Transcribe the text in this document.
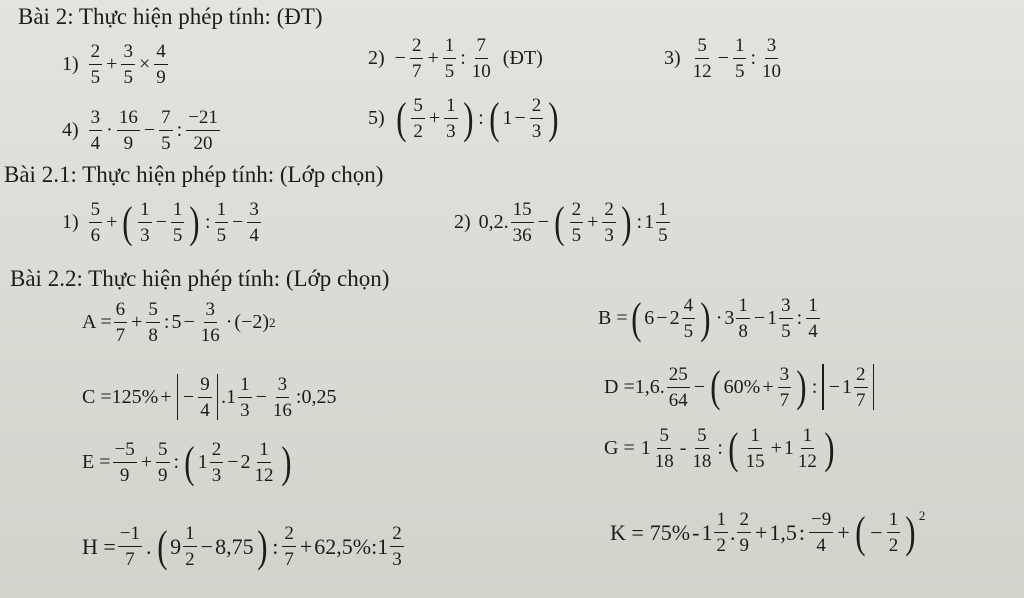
Bài 2: Thực hiện phép tính: (ĐT)
$1) \frac{2}{5} + \frac{3}{5} \times \frac{4}{9}$	$2) - \frac{2}{7} + \frac{1}{5}$ : $\frac{7}{10}$ (ĐT)	$3) \frac{5}{12} - \frac{1}{5}$ : $\frac{3}{10}$
$4) \frac{3}{4} \cdot \frac{16}{9} - \frac{7}{5}$ : $\frac{-21}{20}$	5) ( $\frac{5}{2} + \frac{1}{3}$ ) : ( $1 - \frac{2}{3}$ )
Bài 2.1: Thực hiện phép tính: (Lớp chọn)
$1) \frac{5}{6}$ + ( $\frac{1}{3} - \frac{1}{5}$ ) : $\frac{1}{5} - \frac{3}{4}$	2) 0,2. $\frac{15}{36}$ − ( $\frac{2}{5} + \frac{2}{3}$ ) : $1 \frac{1}{5}$
Bài 2.2: Thực hiện phép tính: (Lớp chọn)
$A = \frac{6}{7} + \frac{5}{8}$ : $5 - \frac{3}{16} \cdot (-2)$ 2	B = ( $6 - 2 \frac{4}{5}$ ) · $3 \frac{1}{8} - 1 \frac{3}{5}$ : $\frac{1}{4}$
C = 125% + − $\frac{9}{4}$ . $1 \frac{1}{3} - \frac{3}{16}$ :0,25	D = 1,6. $\frac{25}{64}$ − ( $60\% + \frac{3}{7}$ ) : − $1 \frac{2}{7}$
$E = \frac{-5}{9} + \frac{5}{9}$ : ( $1 \frac{2}{3} - 2 \frac{1}{12}$ )	$G = 1 \frac{5}{18} - \frac{5}{18}$ : ( $\frac{1}{15} + 1 \frac{1}{12}$ )
$H = \frac{-1}{7}$ . ( $9 \frac{1}{2} - 8,75$ ) : $\frac{2}{7} + 62,5\%$ : $1 \frac{2}{3}$	$K = 75\% - 1 \frac{1}{2}$ . $\frac{2}{9} + 1,5$ : $\frac{-9}{4}$ + ( − $\frac{1}{2} )^2$
